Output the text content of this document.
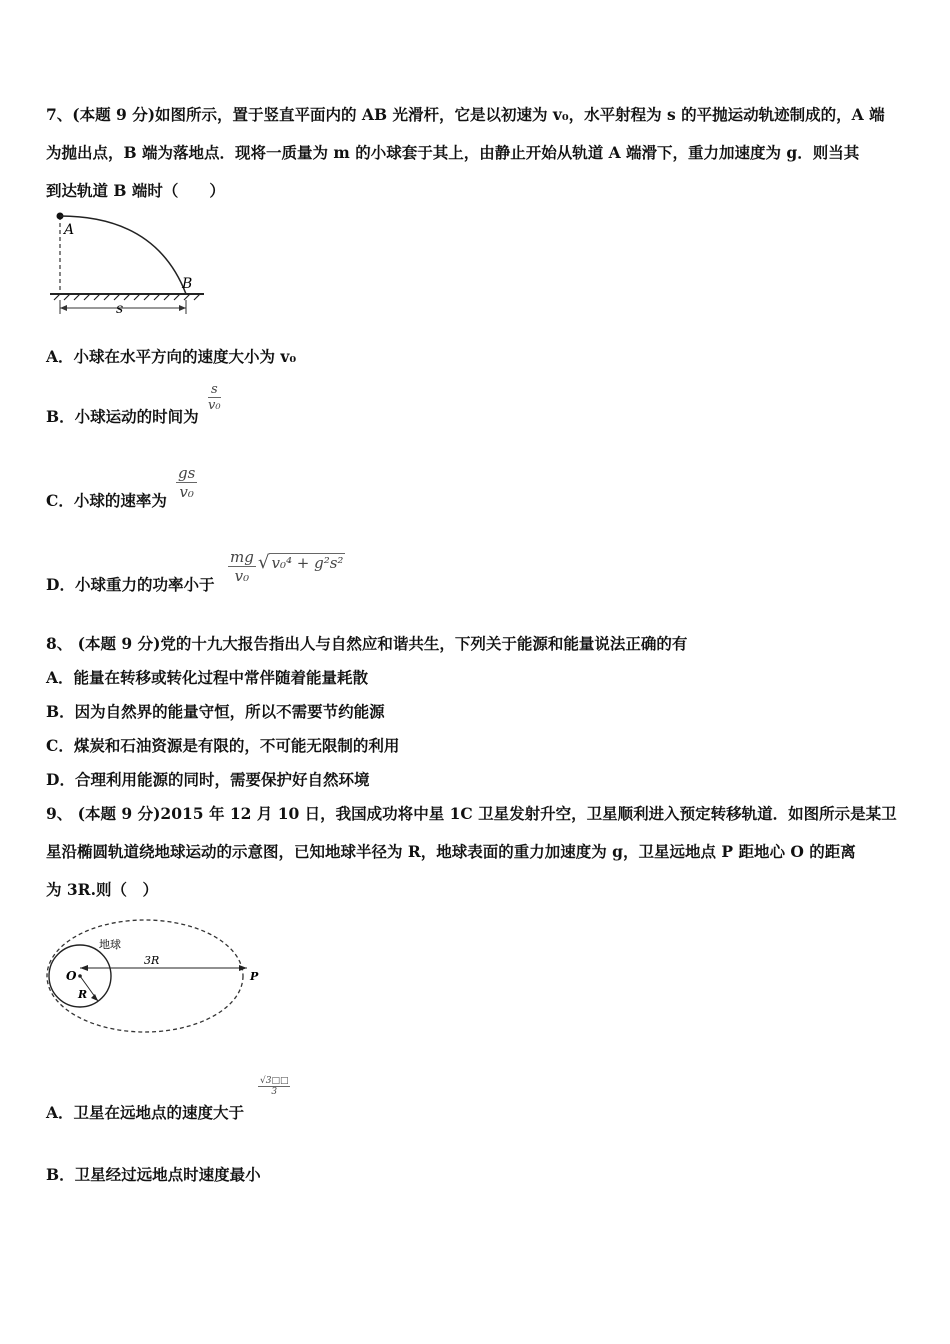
7、(本题 9 分)如图所示，置于竖直平面内的 AB 光滑杆，它是以初速为 v₀，水平射程为 s 的平抛运动轨迹制成的，A 端
为抛出点，B 端为落地点．现将一质量为 m 的小球套于其上，由静止开始从轨道 A 端滑下，重力加速度为 g．则当其
到达轨道 B 端时（　　）
A
B
s
A．小球在水平方向的速度大小为 v₀
B．小球运动的时间为
$\frac{s}{\text{v₀}}$
C．小球的速率为 $\frac{gs}{\text{v₀}}$
D．小球重力的功率小于 $\frac{mg}{\text{v₀}}$ √ v₀⁴ + g²s²
8、 (本题 9 分)党的十九大报告指出人与自然应和谐共生，下列关于能源和能量说法正确的有
A．能量在转移或转化过程中常伴随着能量耗散
B．因为自然界的能量守恒，所以不需要节约能源
C．煤炭和石油资源是有限的，不可能无限制的利用
D．合理利用能源的同时，需要保护好自然环境
9、 (本题 9 分)2015 年 12 月 10 日，我国成功将中星 1C 卫星发射升空，卫星顺利进入预定转移轨道．如图所示是某卫
星沿椭圆轨道绕地球运动的示意图，已知地球半径为 R，地球表面的重力加速度为 g，卫星远地点 P 距地心 O 的距离
为 3R.则（　）
地球
O
R
3R
P
A．卫星在远地点的速度大于
$\frac{√3□□}{3}$
B．卫星经过远地点时速度最小
